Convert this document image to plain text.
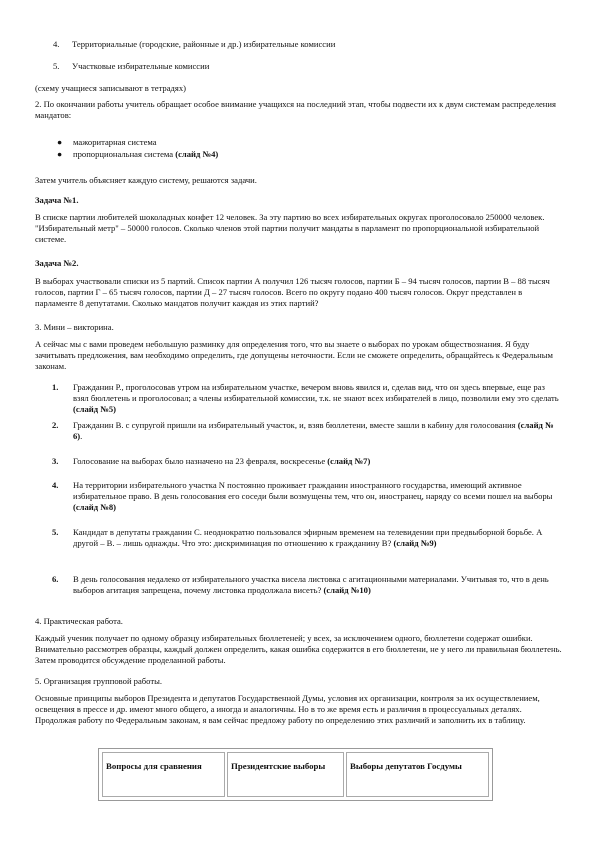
4. Территориальные (городские, районные и др.) избирательные комиссии
5. Участковые избирательные комиссии

(схему учащиеся записывают в тетрадях)

2. По окончании работы учитель обращает особое внимание учащихся на последний этап, чтобы подвести их к двум системам распределения мандатов:

● мажоритарная система
● пропорциональная система (слайд №4)

Затем учитель объясняет каждую систему, решаются задачи.

Задача №1.

В списке партии любителей шоколадных конфет 12 человек. За эту партию во всех избирательных округах проголосовало 250000 человек. "Избирательный метр" – 50000 голосов. Сколько членов этой партии получит мандаты в парламент по пропорциональной избирательной системе.

Задача №2.

В выборах участвовали списки из 5 партий. Список партии А получил 126 тысяч голосов, партии Б – 94 тысяч голосов, партии В – 88 тысяч голосов, партии Г – 65 тысяч голосов, партии Д – 27 тысяч голосов. Всего по округу подано 400 тысяч голосов. Округ представлен в парламенте 8 депутатами. Сколько мандатов получит каждая из этих партий?

3. Мини – викторина.

А сейчас мы с вами проведем небольшую разминку для определения того, что вы знаете о выборах по урокам обществознания. Я буду зачитывать предложения, вам необходимо определить, где допущены неточности. Если не сможете определить, обращайтесь к Федеральным законам.

1. Гражданин Р., проголосовав утром на избирательном участке, вечером вновь явился и, сделав вид, что он здесь впервые, еще раз взял бюллетень и проголосовал; а члены избирательной комиссии, т.к. не знают всех избирателей в лицо, позволили ему это сделать (слайд №5)
2. Гражданин В. с супругой пришли на избирательный участок, и, взяв бюллетени, вместе зашли в кабину для голосования (слайд № 6).
3. Голосование на выборах было назначено на 23 февраля, воскресенье (слайд №7)
4. На территории избирательного участка N постоянно проживает гражданин иностранного государства, имеющий активное избирательное право. В день голосования его соседи были возмущены тем, что он, иностранец, наряду со всеми пошел на выборы (слайд №8)
5. Кандидат в депутаты гражданин С. неоднократно пользовался эфирным временем на телевидении при предвыборной борьбе. А другой – В. – лишь однажды. Что это: дискриминация по отношению к гражданину В? (слайд №9)
6. В день голосования недалеко от избирательного участка висела листовка с агитационными материалами. Учитывая то, что в день выборов агитация запрещена, почему листовка продолжала висеть? (слайд №10)

4. Практическая работа.

Каждый ученик получает по одному образцу избирательных бюллетеней; у всех, за исключением одного, бюллетени содержат ошибки. Внимательно рассмотрев образцы, каждый должен определить, какая ошибка содержится в его бюллетени, не у него ли правильная бюллетень. Затем проводится обсуждение проделанной работы.

5. Организация групповой работы.

Основные принципы выборов Президента и депутатов Государственной Думы, условия их организации, контроля за их осуществлением, освещения в прессе и др. имеют много общего, а иногда и аналогичны. Но в то же время есть и различия в процессуальных деталях. Продолжая работу по Федеральным законам, я вам сейчас предложу работу по определению этих различий и заполнить их в таблицу.

Вопросы для сравнения	Президентские выборы	Выборы депутатов Госдумы
